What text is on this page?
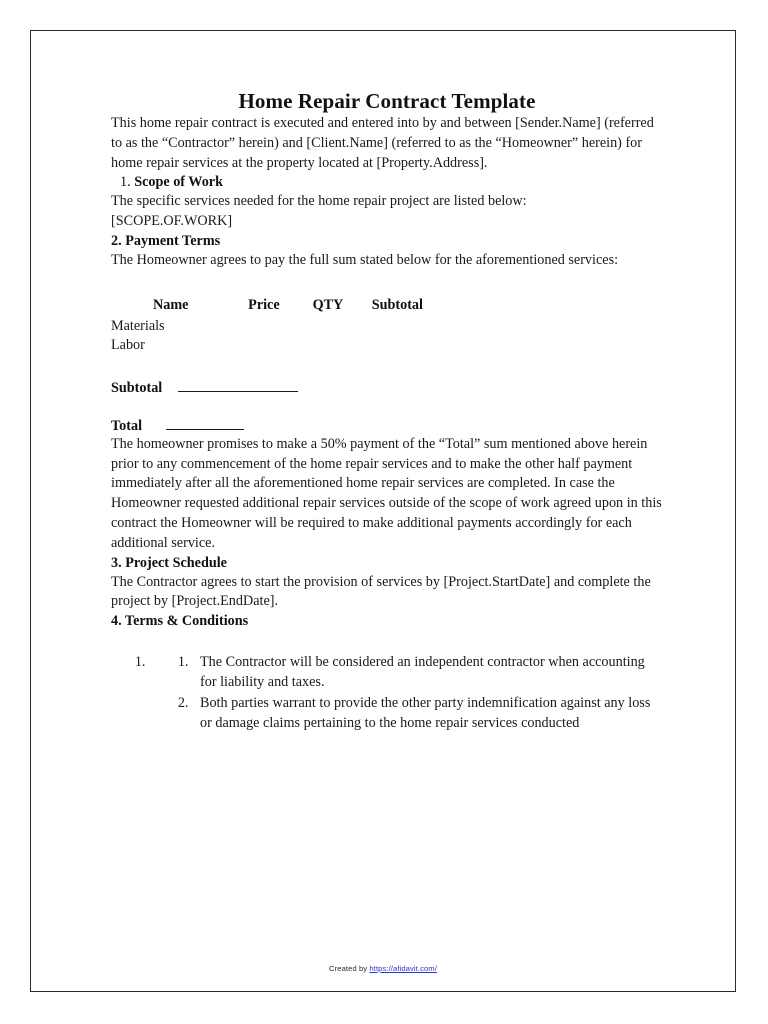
Home Repair Contract Template

This home repair contract is executed and entered into by and between [Sender.Name] (referred to as the “Contractor” herein) and [Client.Name] (referred to as the “Homeowner” herein) for home repair services at the property located at [Property.Address].

1. Scope of Work

The specific services needed for the home repair project are listed below:

[SCOPE.OF.WORK]

2. Payment Terms

The Homeowner agrees to pay the full sum stated below for the aforementioned services:

Name	Price	QTY	Subtotal
Materials			
Labor			
Subtotal
Total

The homeowner promises to make a 50% payment of the “Total” sum mentioned above herein prior to any commencement of the home repair services and to make the other half payment immediately after all the aforementioned home repair services are completed. In case the Homeowner requested additional repair services outside of the scope of work agreed upon in this contract the Homeowner will be required to make additional payments accordingly for each additional service.

3. Project Schedule

The Contractor agrees to start the provision of services by [Project.StartDate] and complete the project by [Project.EndDate].

4. Terms & Conditions
1. 1. The Contractor will be considered an independent contractor when accounting for liability and taxes.
2. Both parties warrant to provide the other party indemnification against any loss or damage claims pertaining to the home repair services conducted
Created by https://afidavit.com/
